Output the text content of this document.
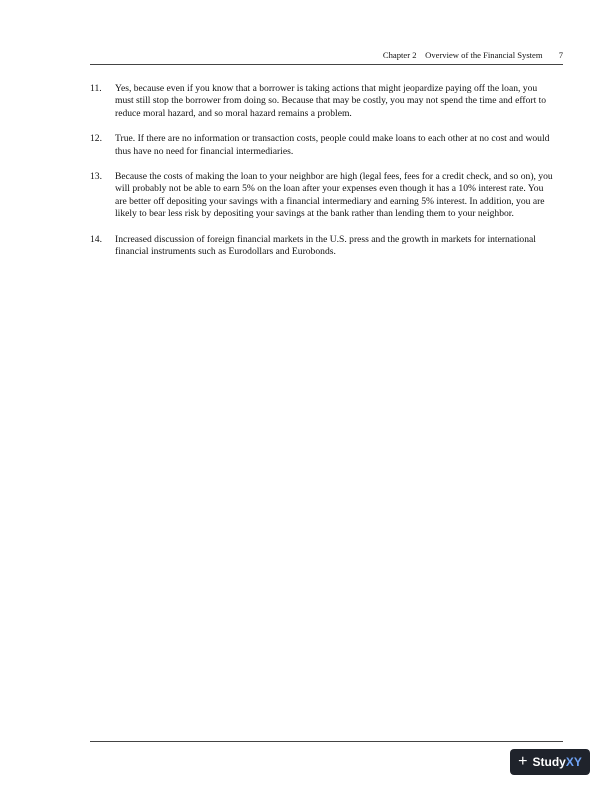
Chapter 2 Overview of the Financial System 7
11. Yes, because even if you know that a borrower is taking actions that might jeopardize paying off the loan, you must still stop the borrower from doing so. Because that may be costly, you may not spend the time and effort to reduce moral hazard, and so moral hazard remains a problem.
12. True. If there are no information or transaction costs, people could make loans to each other at no cost and would thus have no need for financial intermediaries.
13. Because the costs of making the loan to your neighbor are high (legal fees, fees for a credit check, and so on), you will probably not be able to earn 5% on the loan after your expenses even though it has a 10% interest rate. You are better off depositing your savings with a financial intermediary and earning 5% interest. In addition, you are likely to bear less risk by depositing your savings at the bank rather than lending them to your neighbor.
14. Increased discussion of foreign financial markets in the U.S. press and the growth in markets for international financial instruments such as Eurodollars and Eurobonds.
+ Study XY
